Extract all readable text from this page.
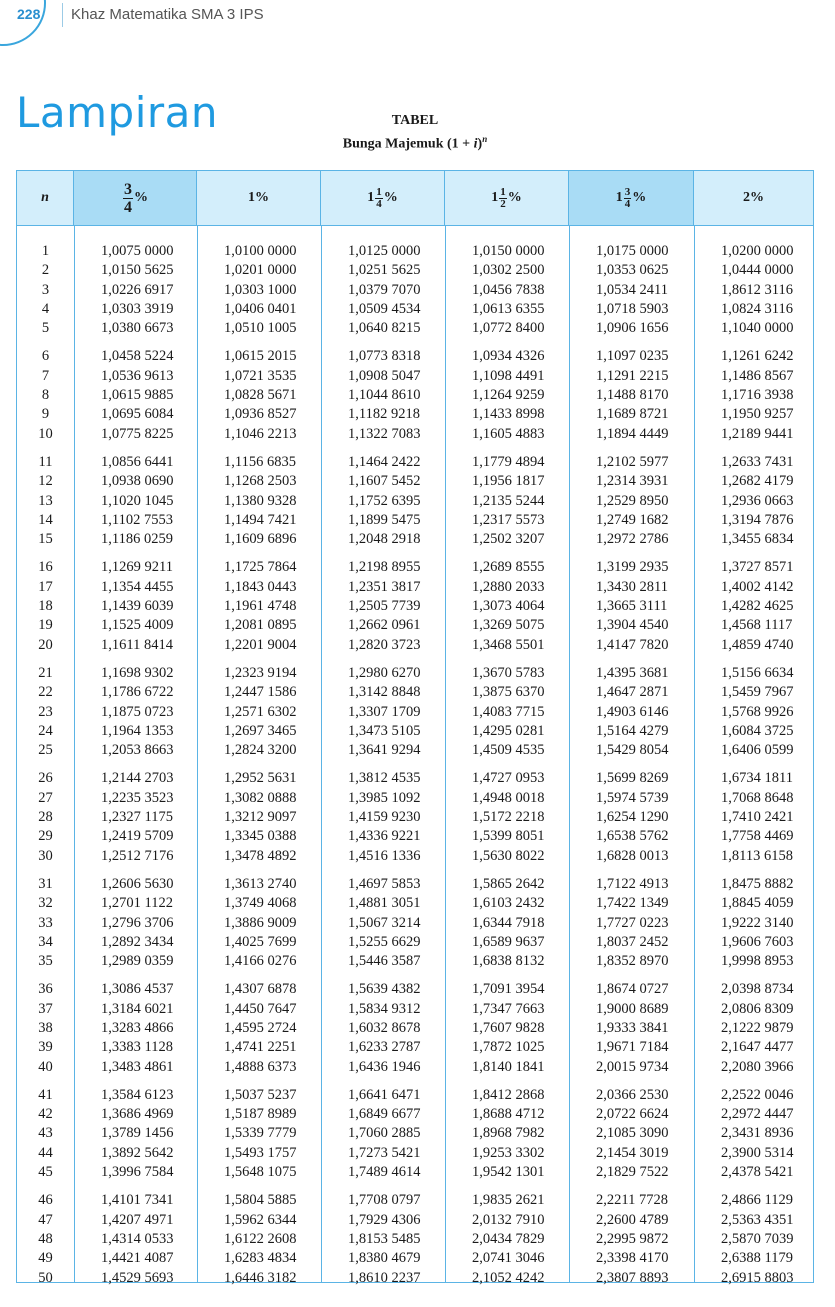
228 Khaz Matematika SMA 3 IPS
Lampiran	TABEL
Bunga Majemuk $(1 + i)^n$
n	$\frac{3}{4}$ %	1%	$1 \frac{1}{4}$ %	$1 \frac{1}{2}$ %	$1 \frac{3}{4}$ %	2%
1	1,0075 0000	1,0100 0000	1,0125 0000	1,0150 0000	1,0175 0000	1,0200 0000
2	1,0150 5625	1,0201 0000	1,0251 5625	1,0302 2500	1,0353 0625	1,0444 0000
3	1,0226 6917	1,0303 1000	1,0379 7070	1,0456 7838	1,0534 2411	1,8612 3116
4	1,0303 3919	1,0406 0401	1,0509 4534	1,0613 6355	1,0718 5903	1,0824 3116
5	1,0380 6673	1,0510 1005	1,0640 8215	1,0772 8400	1,0906 1656	1,1040 0000
6	1,0458 5224	1,0615 2015	1,0773 8318	1,0934 4326	1,1097 0235	1,1261 6242
7	1,0536 9613	1,0721 3535	1,0908 5047	1,1098 4491	1,1291 2215	1,1486 8567
8	1,0615 9885	1,0828 5671	1,1044 8610	1,1264 9259	1,1488 8170	1,1716 3938
9	1,0695 6084	1,0936 8527	1,1182 9218	1,1433 8998	1,1689 8721	1,1950 9257
10	1,0775 8225	1,1046 2213	1,1322 7083	1,1605 4883	1,1894 4449	1,2189 9441
11	1,0856 6441	1,1156 6835	1,1464 2422	1,1779 4894	1,2102 5977	1,2633 7431
12	1,0938 0690	1,1268 2503	1,1607 5452	1,1956 1817	1,2314 3931	1,2682 4179
13	1,1020 1045	1,1380 9328	1,1752 6395	1,2135 5244	1,2529 8950	1,2936 0663
14	1,1102 7553	1,1494 7421	1,1899 5475	1,2317 5573	1,2749 1682	1,3194 7876
15	1,1186 0259	1,1609 6896	1,2048 2918	1,2502 3207	1,2972 2786	1,3455 6834
16	1,1269 9211	1,1725 7864	1,2198 8955	1,2689 8555	1,3199 2935	1,3727 8571
17	1,1354 4455	1,1843 0443	1,2351 3817	1,2880 2033	1,3430 2811	1,4002 4142
18	1,1439 6039	1,1961 4748	1,2505 7739	1,3073 4064	1,3665 3111	1,4282 4625
19	1,1525 4009	1,2081 0895	1,2662 0961	1,3269 5075	1,3904 4540	1,4568 1117
20	1,1611 8414	1,2201 9004	1,2820 3723	1,3468 5501	1,4147 7820	1,4859 4740
21	1,1698 9302	1,2323 9194	1,2980 6270	1,3670 5783	1,4395 3681	1,5156 6634
22	1,1786 6722	1,2447 1586	1,3142 8848	1,3875 6370	1,4647 2871	1,5459 7967
23	1,1875 0723	1,2571 6302	1,3307 1709	1,4083 7715	1,4903 6146	1,5768 9926
24	1,1964 1353	1,2697 3465	1,3473 5105	1,4295 0281	1,5164 4279	1,6084 3725
25	1,2053 8663	1,2824 3200	1,3641 9294	1,4509 4535	1,5429 8054	1,6406 0599
26	1,2144 2703	1,2952 5631	1,3812 4535	1,4727 0953	1,5699 8269	1,6734 1811
27	1,2235 3523	1,3082 0888	1,3985 1092	1,4948 0018	1,5974 5739	1,7068 8648
28	1,2327 1175	1,3212 9097	1,4159 9230	1,5172 2218	1,6254 1290	1,7410 2421
29	1,2419 5709	1,3345 0388	1,4336 9221	1,5399 8051	1,6538 5762	1,7758 4469
30	1,2512 7176	1,3478 4892	1,4516 1336	1,5630 8022	1,6828 0013	1,8113 6158
31	1,2606 5630	1,3613 2740	1,4697 5853	1,5865 2642	1,7122 4913	1,8475 8882
32	1,2701 1122	1,3749 4068	1,4881 3051	1,6103 2432	1,7422 1349	1,8845 4059
33	1,2796 3706	1,3886 9009	1,5067 3214	1,6344 7918	1,7727 0223	1,9222 3140
34	1,2892 3434	1,4025 7699	1,5255 6629	1,6589 9637	1,8037 2452	1,9606 7603
35	1,2989 0359	1,4166 0276	1,5446 3587	1,6838 8132	1,8352 8970	1,9998 8953
36	1,3086 4537	1,4307 6878	1,5639 4382	1,7091 3954	1,8674 0727	2,0398 8734
37	1,3184 6021	1,4450 7647	1,5834 9312	1,7347 7663	1,9000 8689	2,0806 8309
38	1,3283 4866	1,4595 2724	1,6032 8678	1,7607 9828	1,9333 3841	2,1222 9879
39	1,3383 1128	1,4741 2251	1,6233 2787	1,7872 1025	1,9671 7184	2,1647 4477
40	1,3483 4861	1,4888 6373	1,6436 1946	1,8140 1841	2,0015 9734	2,2080 3966
41	1,3584 6123	1,5037 5237	1,6641 6471	1,8412 2868	2,0366 2530	2,2522 0046
42	1,3686 4969	1,5187 8989	1,6849 6677	1,8688 4712	2,0722 6624	2,2972 4447
43	1,3789 1456	1,5339 7779	1,7060 2885	1,8968 7982	2,1085 3090	2,3431 8936
44	1,3892 5642	1,5493 1757	1,7273 5421	1,9253 3302	2,1454 3019	2,3900 5314
45	1,3996 7584	1,5648 1075	1,7489 4614	1,9542 1301	2,1829 7522	2,4378 5421
46	1,4101 7341	1,5804 5885	1,7708 0797	1,9835 2621	2,2211 7728	2,4866 1129
47	1,4207 4971	1,5962 6344	1,7929 4306	2,0132 7910	2,2600 4789	2,5363 4351
48	1,4314 0533	1,6122 2608	1,8153 5485	2,0434 7829	2,2995 9872	2,5870 7039
49	1,4421 4087	1,6283 4834	1,8380 4679	2,0741 3046	2,3398 4170	2,6388 1179
50	1,4529 5693	1,6446 3182	1,8610 2237	2,1052 4242	2,3807 8893	2,6915 8803
